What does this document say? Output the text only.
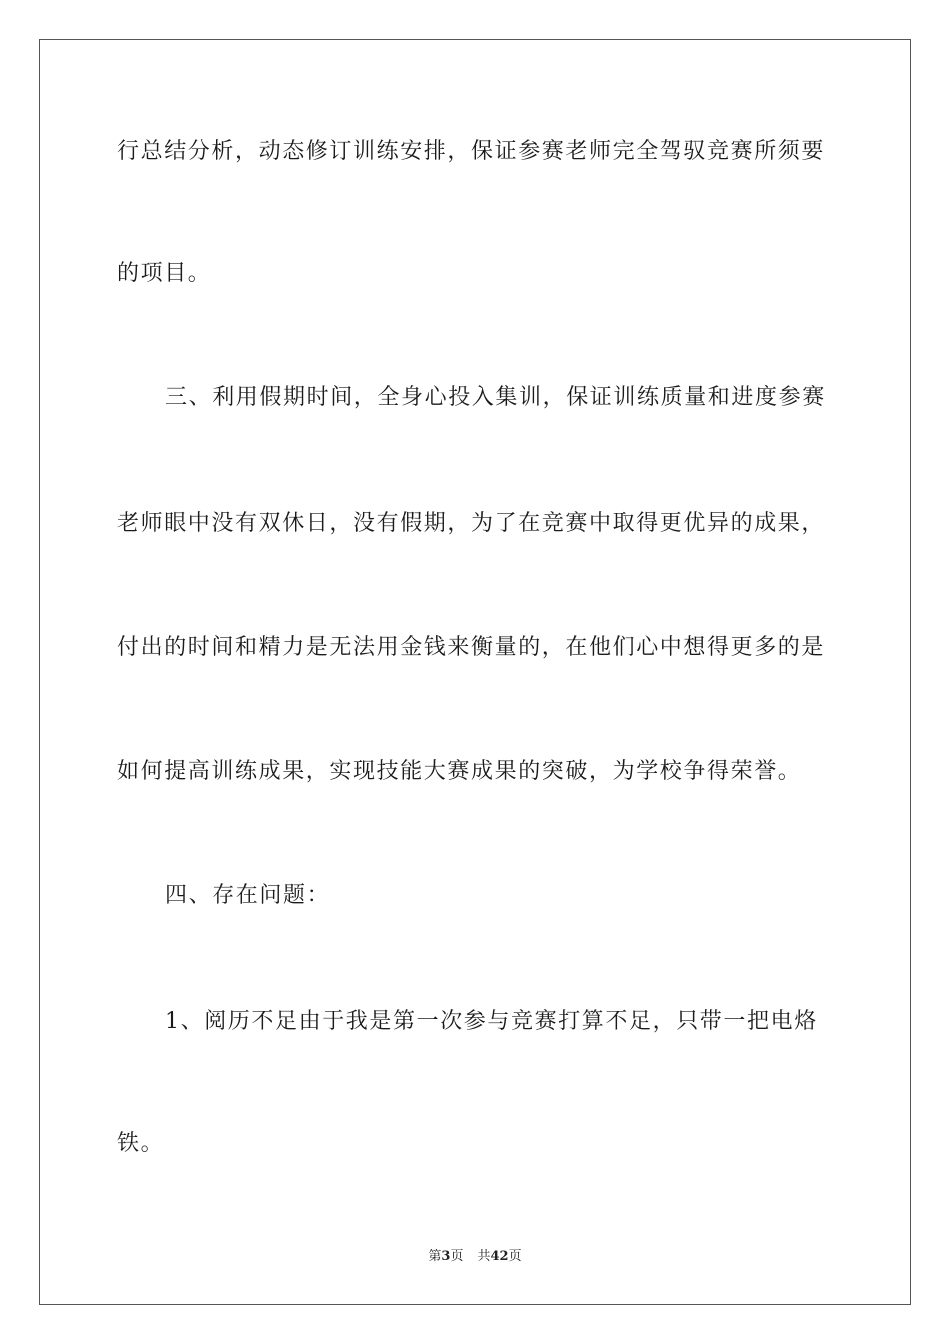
行总结分析，动态修订训练安排，保证参赛老师完全驾驭竞赛所须要
的项目。
三、利用假期时间，全身心投入集训，保证训练质量和进度参赛
老师眼中没有双休日，没有假期，为了在竞赛中取得更优异的成果，
付出的时间和精力是无法用金钱来衡量的，在他们心中想得更多的是
如何提高训练成果，实现技能大赛成果的突破，为学校争得荣誉。
四、存在问题：
1、阅历不足由于我是第一次参与竞赛打算不足，只带一把电烙
铁。
第3页 共42页
